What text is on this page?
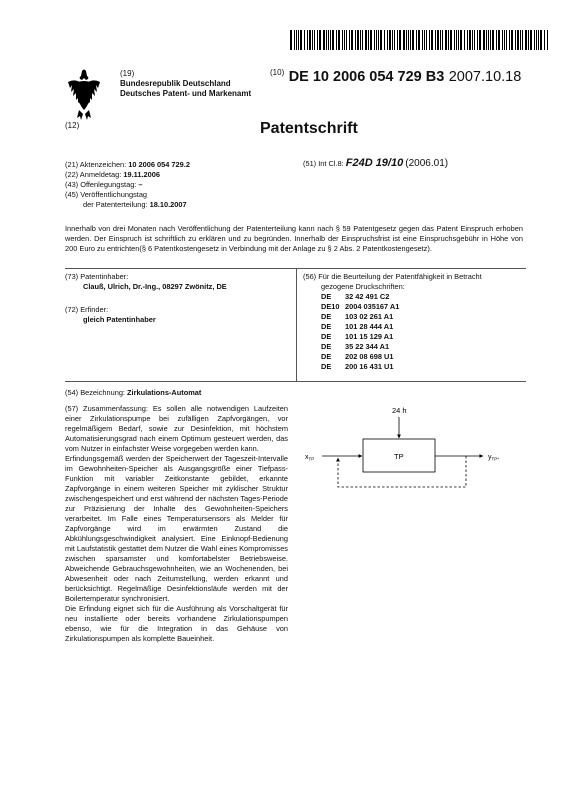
(19)
Bundesrepublik Deutschland
Deutsches Patent- und Markenamt
$^{(10)}$ DE 10 2006 054 729 B3 2007.10.18
(12)	Patentschrift
(21) Aktenzeichen: 10 2006 054 729.2
(22) Anmeldetag: 19.11.2006
(43) Offenlegungstag: –
(45) Veröffentlichungstag
der Patenterteilung: 18.10.2007
(51) Int Cl.8: F24D 19/10 (2006.01)
Innerhalb von drei Monaten nach Veröffentlichung der Patenterteilung kann nach § 59 Patentgesetz gegen das Patent Einspruch erhoben werden. Der Einspruch ist schriftlich zu erklären und zu begründen. Innerhalb der Einspruchsfrist ist eine Einspruchsgebühr in Höhe von 200 Euro zu entrichten(§ 6 Patentkostengesetz in Verbindung mit der Anlage zu § 2 Abs. 2 Patentkostengesetz).
(73) Patentinhaber:
Clauß, Ulrich, Dr.-Ing., 08297 Zwönitz, DE
(72) Erfinder:
gleich Patentinhaber
(56) Für die Beurteilung der Patentfähigkeit in Betracht
gezogene Druckschriften:
DE	32 42 491 C2
DE10 2004 035167 A1
DE	103 02 261 A1
DE	101 28 444 A1
DE	101 15 129 A1
DE	35 22 344 A1
DE	202 08 698 U1
DE	200 16 431 U1
(54) Bezeichnung: Zirkulations-Automat
(57) Zusammenfassung: Es sollen alle notwendigen Laufzeiten einer Zirkulationspumpe bei zufälligen Zapfvorgängen, vor regelmäßigem Bedarf, sowie zur Desinfektion, mit höchstem Automatisierungsgrad nach einem Optimum gesteuert werden, das vom Nutzer in einfachster Weise vorgegeben werden kann.
Erfindungsgemäß werden der Speicherwert der Tageszeit-Intervalle im Gewohnheiten-Speicher als Ausgangsgröße einer Tiefpass-Funktion mit variabler Zeitkonstante gebildet, erkannte Zapfvorgänge in einem weiteren Speicher mit zyklischer Struktur zwischengespeichert und erst während der nächsten Tages-Periode zur Präzisierung der Inhalte des Gewohnheiten-Speichers verarbeitet. Im Falle eines Temperatursensors als Melder für Zapfvorgänge wird im erwärmten Zustand die Abkühlungsgeschwindigkeit analysiert. Eine Einknopf-Bedienung mit Laufstatistik gestattet dem Nutzer die Wahl eines Kompromisses zwischen sparsamster und komfortabelster Betriebsweise. Abweichende Gebrauchsgewohnheiten, wie an Wochenenden, bei Abwesenheit oder nach Zeitumstellung, werden erkannt und berücksichtigt. Regelmäßige Desinfektionsläufe werden mit der Boilertemperatur synchronisiert.
Die Erfindung eignet sich für die Ausführung als Vorschaltgerät für neu installierte oder bereits vorhandene Zirkulationspumpen ebenso, wie für die Integration in das Gehäuse von Zirkulationspumpen als komplette Baueinheit.
24 h
TP
$x_{TP}$	$y_{TP*}$
